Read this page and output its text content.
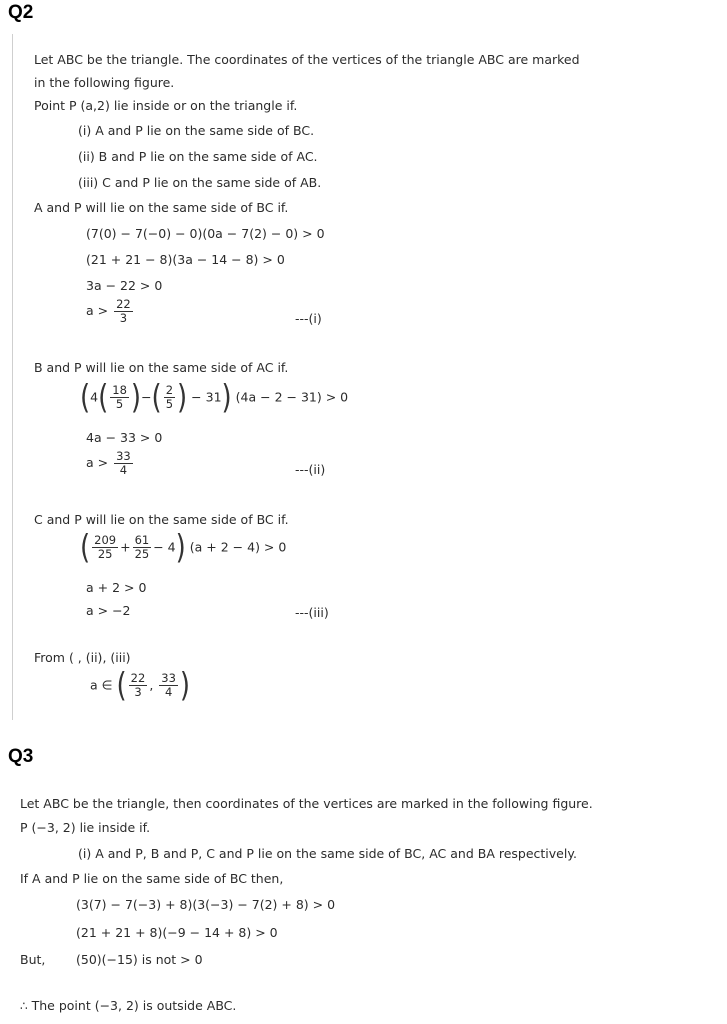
Q2
Let ABC be the triangle. The coordinates of the vertices of the triangle ABC are marked
in the following figure.
Point P (a,2) lie inside or on the triangle if.
(i) A and P lie on the same side of BC.
(ii) B and P lie on the same side of AC.
(iii) C and P lie on the same side of AB.
A and P will lie on the same side of BC if.
(7(0) − 7(−0) − 0)(0a − 7(2) − 0) > 0
(21 + 21 − 8)(3a − 14 − 8) > 0
3a − 22 > 0
$a > \frac{22}{3}$	---(i)
B and P will lie on the same side of AC if.
($4( \frac{18}{5}$ )−( $\frac{2}{5}$ ) − 31) (4a − 2 − 31) > 0
4a − 33 > 0
$a > \frac{33}{4}$	---(ii)
C and P will lie on the same side of BC if.
( $\frac{209}{25} + \frac{61}{25} - 4$) (a + 2 − 4) > 0
a + 2 > 0
a > −2	---(iii)
From ( , (ii), (iii)
a ∈ ( $\frac{22}{3}$ , $\frac{33}{4}$ )
Q3
Let ABC be the triangle, then coordinates of the vertices are marked in the following figure.
P (−3, 2) lie inside if.
(i) A and P, B and P, C and P lie on the same side of BC, AC and BA respectively.
If A and P lie on the same side of BC then,
(3(7) − 7(−3) + 8)(3(−3) − 7(2) + 8) > 0
(21 + 21 + 8)(−9 − 14 + 8) > 0
But, (50)(−15) is not > 0
∴ The point (−3, 2) is outside ABC.
